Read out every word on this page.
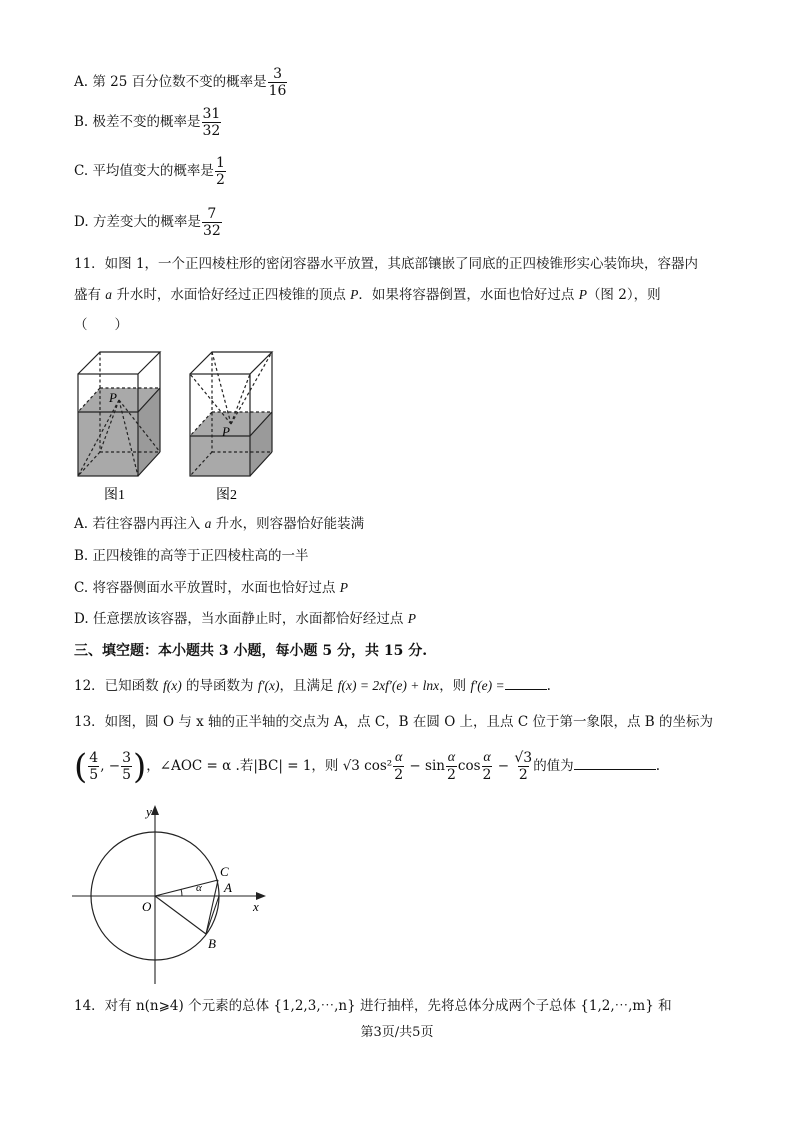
A. 第 25 百分位数不变的概率是 $\frac{3}{16}$
B. 极差不变的概率是 $\frac{31}{32}$
C. 平均值变大的概率是 $\frac{1}{2}$
D. 方差变大的概率是 $\frac{7}{32}$
11．如图 1，一个正四棱柱形的密闭容器水平放置，其底部镶嵌了同底的正四棱锥形实心装饰块，容器内
盛有 a 升水时，水面恰好经过正四棱锥的顶点 P．如果将容器倒置，水面也恰好过点 P（图 2），则
（　　）
P
图1
P
图2
A. 若往容器内再注入 a 升水，则容器恰好能装满
B. 正四棱锥的高等于正四棱柱高的一半
C. 将容器侧面水平放置时，水面也恰好过点 P
D. 任意摆放该容器，当水面静止时，水面都恰好经过点 P
三、填空题：本小题共 3 小题，每小题 5 分，共 15 分.
12．已知函数 f(x) 的导函数为 f′(x)，且满足 f(x) = 2xf′(e) + lnx，则 f′(e) =	.
13．如图，圆 O 与 x 轴的正半轴的交点为 A，点 C，B 在圆 O 上，且点 C 位于第一象限，点 B 的坐标为
( $\frac{4}{5}$ , − $\frac{3}{5}$ )，∠AOC = α .若|BC| = 1，则 √3 $\cos^2 \frac{\alpha}{2} - \sin \frac{\alpha}{2}$ $\cos \frac{\alpha}{2} - \frac{√3}{2}$ 的值为	.
y
x
O
A
C
B
α
14．对有 n(n⩾4) 个元素的总体 {1,2,3,⋯,n} 进行抽样，先将总体分成两个子总体 {1,2,⋯,m} 和
第3页/共5页
